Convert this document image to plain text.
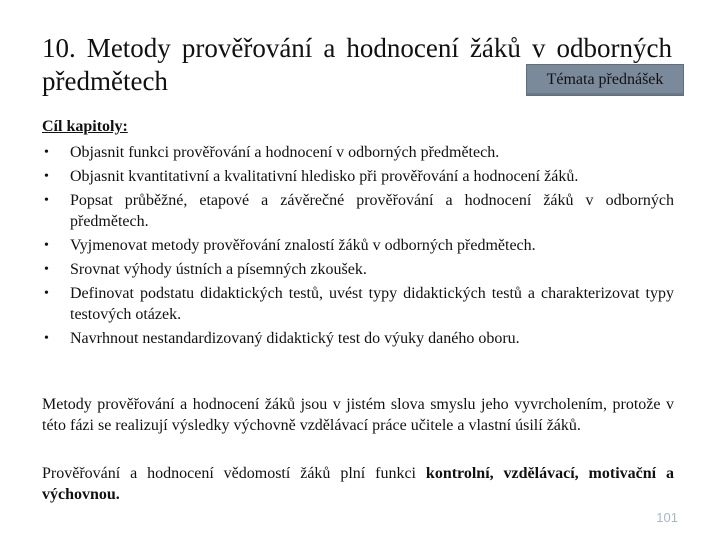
10. Metody prověřování a hodnocení žáků v odborných předmětech	Témata přednášek
Cíl kapitoly:
• Objasnit funkci prověřování a hodnocení v odborných předmětech.
• Objasnit kvantitativní a kvalitativní hledisko při prověřování a hodnocení žáků.
• Popsat průběžné, etapové a závěrečné prověřování a hodnocení žáků v odborných předmětech.
• Vyjmenovat metody prověřování znalostí žáků v odborných předmětech.
• Srovnat výhody ústních a písemných zkoušek.
• Definovat podstatu didaktických testů, uvést typy didaktických testů a charakterizovat typy testových otázek.
• Navrhnout nestandardizovaný didaktický test do výuky daného oboru.

Metody prověřování a hodnocení žáků jsou v jistém slova smyslu jeho vyvrcholením, protože v této fázi se realizují výsledky výchovně vzdělávací práce učitele a vlastní úsilí žáků.

Prověřování a hodnocení vědomostí žáků plní funkci kontrolní, vzdělávací, motivační a výchovnou.

101
